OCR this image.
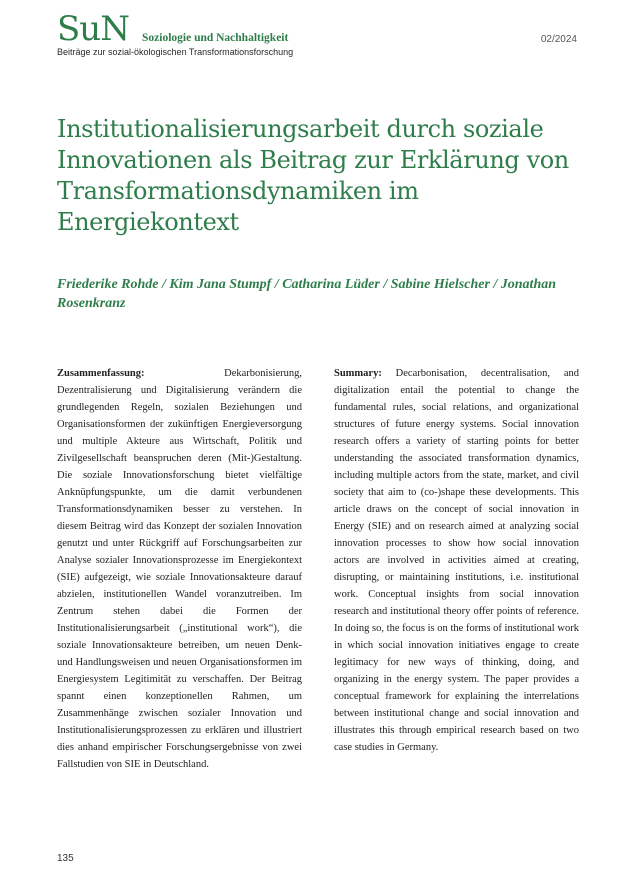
SuN Soziologie und Nachhaltigkeit
Beiträge zur sozial-ökologischen Transformationsforschung
02/2024
Institutionalisierungsarbeit durch soziale Innovationen als Beitrag zur Erklärung von Transformationsdynamiken im Energiekontext
Friederike Rohde / Kim Jana Stumpf / Catharina Lüder / Sabine Hielscher / Jonathan Rosenkranz
Zusammenfassung: Dekarbonisierung, Dezentralisierung und Digitalisierung verändern die grundlegenden Regeln, sozialen Beziehungen und Organisationsformen der zukünftigen Energieversorgung und multiple Akteure aus Wirtschaft, Politik und Zivilgesellschaft beanspruchen deren (Mit-)Gestaltung. Die soziale Innovationsforschung bietet vielfältige Anknüpfungspunkte, um die damit verbundenen Transformationsdynamiken besser zu verstehen. In diesem Beitrag wird das Konzept der sozialen Innovation genutzt und unter Rückgriff auf Forschungsarbeiten zur Analyse sozialer Innovationsprozesse im Energiekontext (SIE) aufgezeigt, wie soziale Innovationsakteure darauf abzielen, institutionellen Wandel voranzutreiben. Im Zentrum stehen dabei die Formen der Institutionalisierungsarbeit („institutional work“), die soziale Innovationsakteure betreiben, um neuen Denk- und Handlungsweisen und neuen Organisationsformen im Energiesystem Legitimität zu verschaffen. Der Beitrag spannt einen konzeptionellen Rahmen, um Zusammenhänge zwischen sozialer Innovation und Institutionalisierungsprozessen zu erklären und illustriert dies anhand empirischer Forschungsergebnisse von zwei Fallstudien von SIE in Deutschland.
Summary: Decarbonisation, decentralisation, and digitalization entail the potential to change the fundamental rules, social relations, and organizational structures of future energy systems. Social innovation research offers a variety of starting points for better understanding the associated transformation dynamics, including multiple actors from the state, market, and civil society that aim to (co-)shape these developments. This article draws on the concept of social innovation in Energy (SIE) and on research aimed at analyzing social innovation processes to show how social innovation actors are involved in activities aimed at creating, disrupting, or maintaining institutions, i.e. institutional work. Conceptual insights from social innovation research and institutional theory offer points of reference. In doing so, the focus is on the forms of institutional work in which social innovation initiatives engage to create legitimacy for new ways of thinking, doing, and organizing in the energy system. The paper provides a conceptual framework for explaining the interrelations between institutional change and social innovation and illustrates this through empirical research based on two case studies in Germany.
135
